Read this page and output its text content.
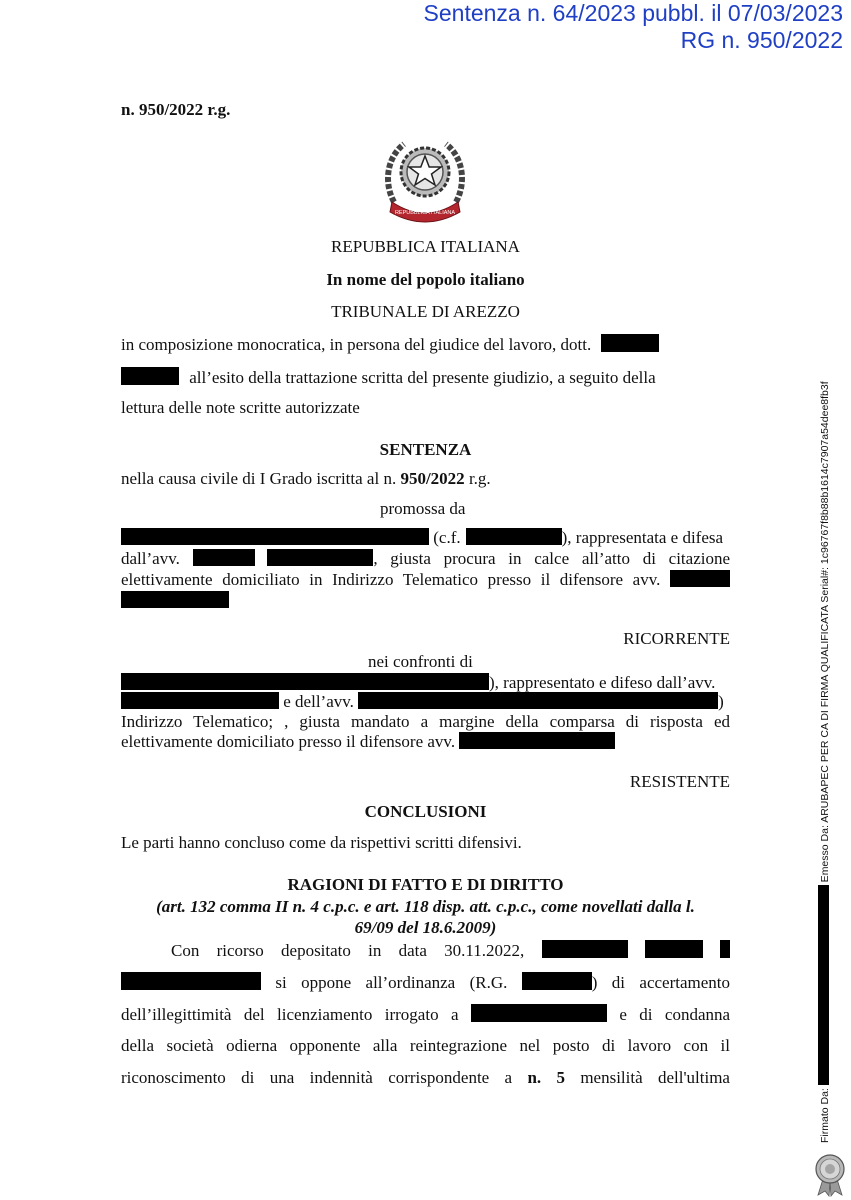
Sentenza n. 64/2023 pubbl. il 07/03/2023
RG n. 950/2022
n. 950/2022 r.g.
REPUBBLICA ITALIANA
REPUBBLICA ITALIANA
In nome del popolo italiano
TRIBUNALE DI AREZZO
in composizione monocratica, in persona del giudice del lavoro, dott.
all’esito della trattazione scritta del presente giudizio, a seguito della
lettura delle note scritte autorizzate
SENTENZA
nella causa civile di I Grado iscritta al n. 950/2022 r.g.
promossa da
(c.f.	), rappresentata e difesa
dall’avv.	, giusta procura in calce all’atto di citazione
elettivamente domiciliato in Indirizzo Telematico presso il difensore avv.
RICORRENTE
nei confronti di
), rappresentato e difeso dall’avv.
e dell’avv.	)
Indirizzo Telematico; , giusta mandato a margine della comparsa di risposta ed
elettivamente domiciliato presso il difensore avv.
RESISTENTE
CONCLUSIONI
Le parti hanno concluso come da rispettivi scritti difensivi.
RAGIONI DI FATTO E DI DIRITTO
(art. 132 comma II n. 4 c.p.c. e art. 118 disp. att. c.p.c., come novellati dalla l.
69/09 del 18.6.2009)
Con ricorso depositato in data 30.11.2022,
si oppone all’ordinanza (R.G.	) di accertamento
dell’illegittimità del licenziamento irrogato a	e di condanna
della società odierna opponente alla reintegrazione nel posto di lavoro con il
riconoscimento di una indennità corrispondente a n. 5 mensilità dell'ultima
Firmato Da:  Emesso Da: ARUBAPEC PER CA DI FIRMA QUALIFICATA Serial#: 1c96767f8b88b1614c7907a54dee8fb3f
